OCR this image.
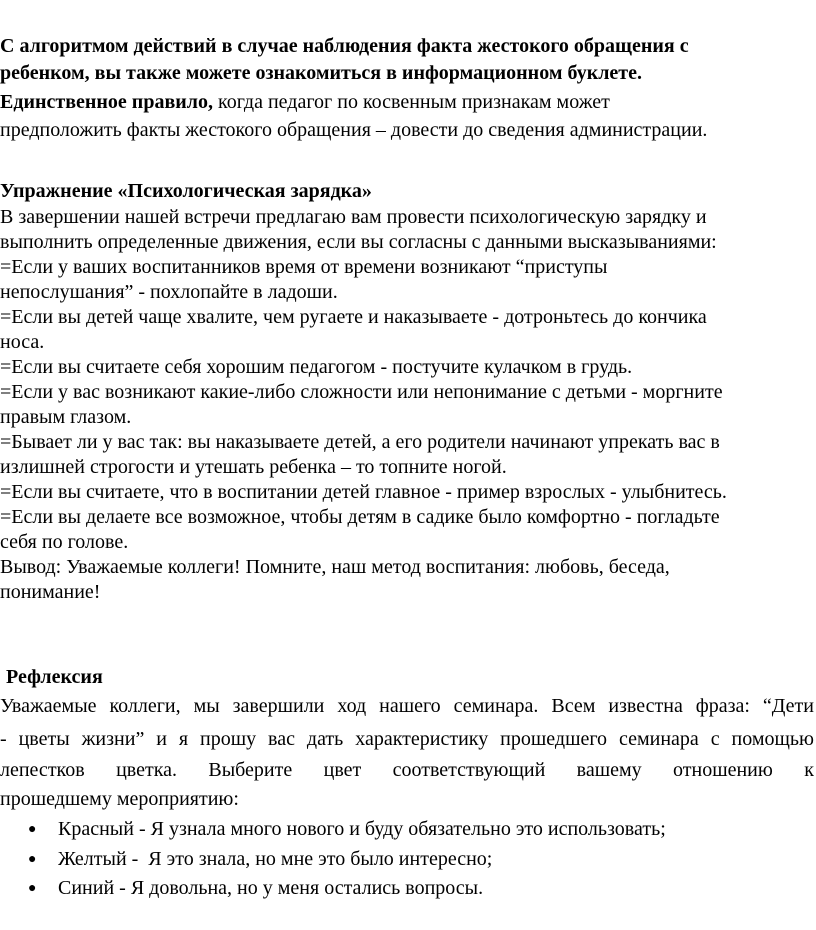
С алгоритмом действий в случае наблюдения факта жестокого обращения с
ребенком, вы также можете ознакомиться в информационном буклете.
Единственное правило, когда педагог по косвенным признакам может
предположить факты жестокого обращения – довести до сведения администрации.
Упражнение «Психологическая зарядка»
В завершении нашей встречи предлагаю вам провести психологическую зарядку и
выполнить определенные движения, если вы согласны с данными высказываниями:
=Если у ваших воспитанников время от времени возникают “приступы
непослушания” - похлопайте в ладоши.
=Если вы детей чаще хвалите, чем ругаете и наказываете - дотроньтесь до кончика
носа.
=Если вы считаете себя хорошим педагогом - постучите кулачком в грудь.
=Если у вас возникают какие-либо сложности или непонимание с детьми - моргните
правым глазом.
=Бывает ли у вас так: вы наказываете детей, а его родители начинают упрекать вас в
излишней строгости и утешать ребенка – то топните ногой.
=Если вы считаете, что в воспитании детей главное - пример взрослых - улыбнитесь.
=Если вы делаете все возможное, чтобы детям в садике было комфортно - погладьте
себя по голове.
Вывод: Уважаемые коллеги! Помните, наш метод воспитания: любовь, беседа,
понимание!
Рефлексия
Уважаемые коллеги, мы завершили ход нашего семинара. Всем известна фраза: “Дети
- цветы жизни” и я прошу вас дать характеристику прошедшего семинара с помощью
лепестков цветка. Выберите цвет соответствующий вашему отношению к
прошедшему мероприятию:
● Красный - Я узнала много нового и буду обязательно это использовать;
● Желтый -  Я это знала, но мне это было интересно;
● Синий - Я довольна, но у меня остались вопросы.
